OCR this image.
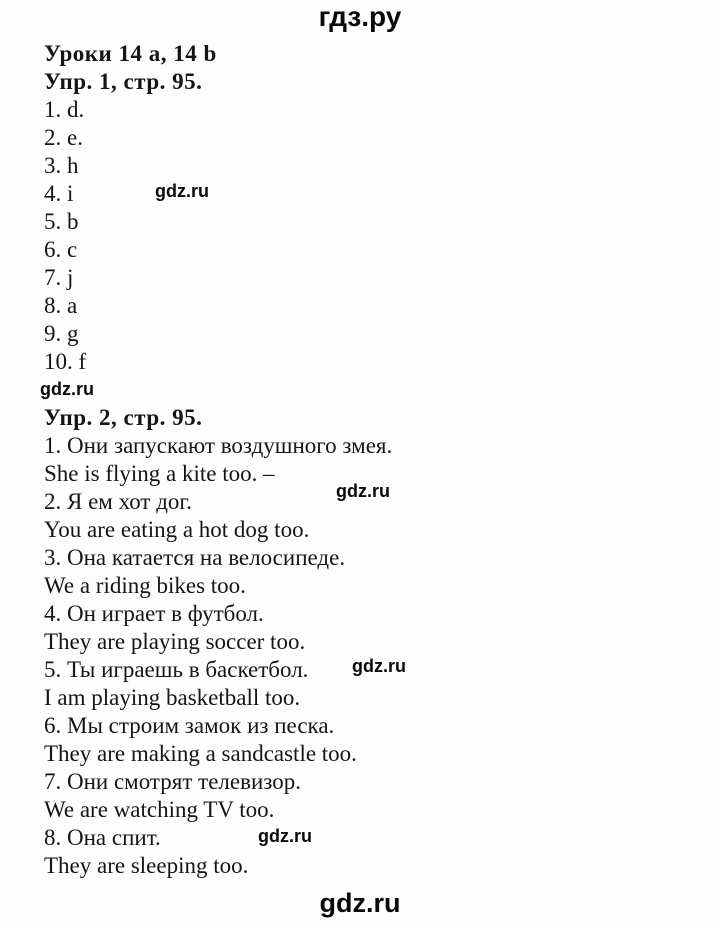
гдз.ру
Уроки 14 a, 14 b
Упр. 1, стр. 95.
1. d.
2. e.
3. h
4. i
5. b
6. c
7. j
8. a
9. g
10. f
gdz.ru
Упр. 2, стр. 95.
1. Они запускают воздушного змея.
She is flying a kite too. –
2. Я ем хот дог.
You are eating a hot dog too.
3. Она катается на велосипеде.
We a riding bikes too.
4. Он играет в футбол.
They are playing soccer too.
5. Ты играешь в баскетбол.
I am playing basketball too.
6. Мы строим замок из песка.
They are making a sandcastle too.
7. Они смотрят телевизор.
We are watching TV too.
8. Она спит.
They are sleeping too.
gdz.ru
gdz.ru
gdz.ru
gdz.ru
gdz.ru
